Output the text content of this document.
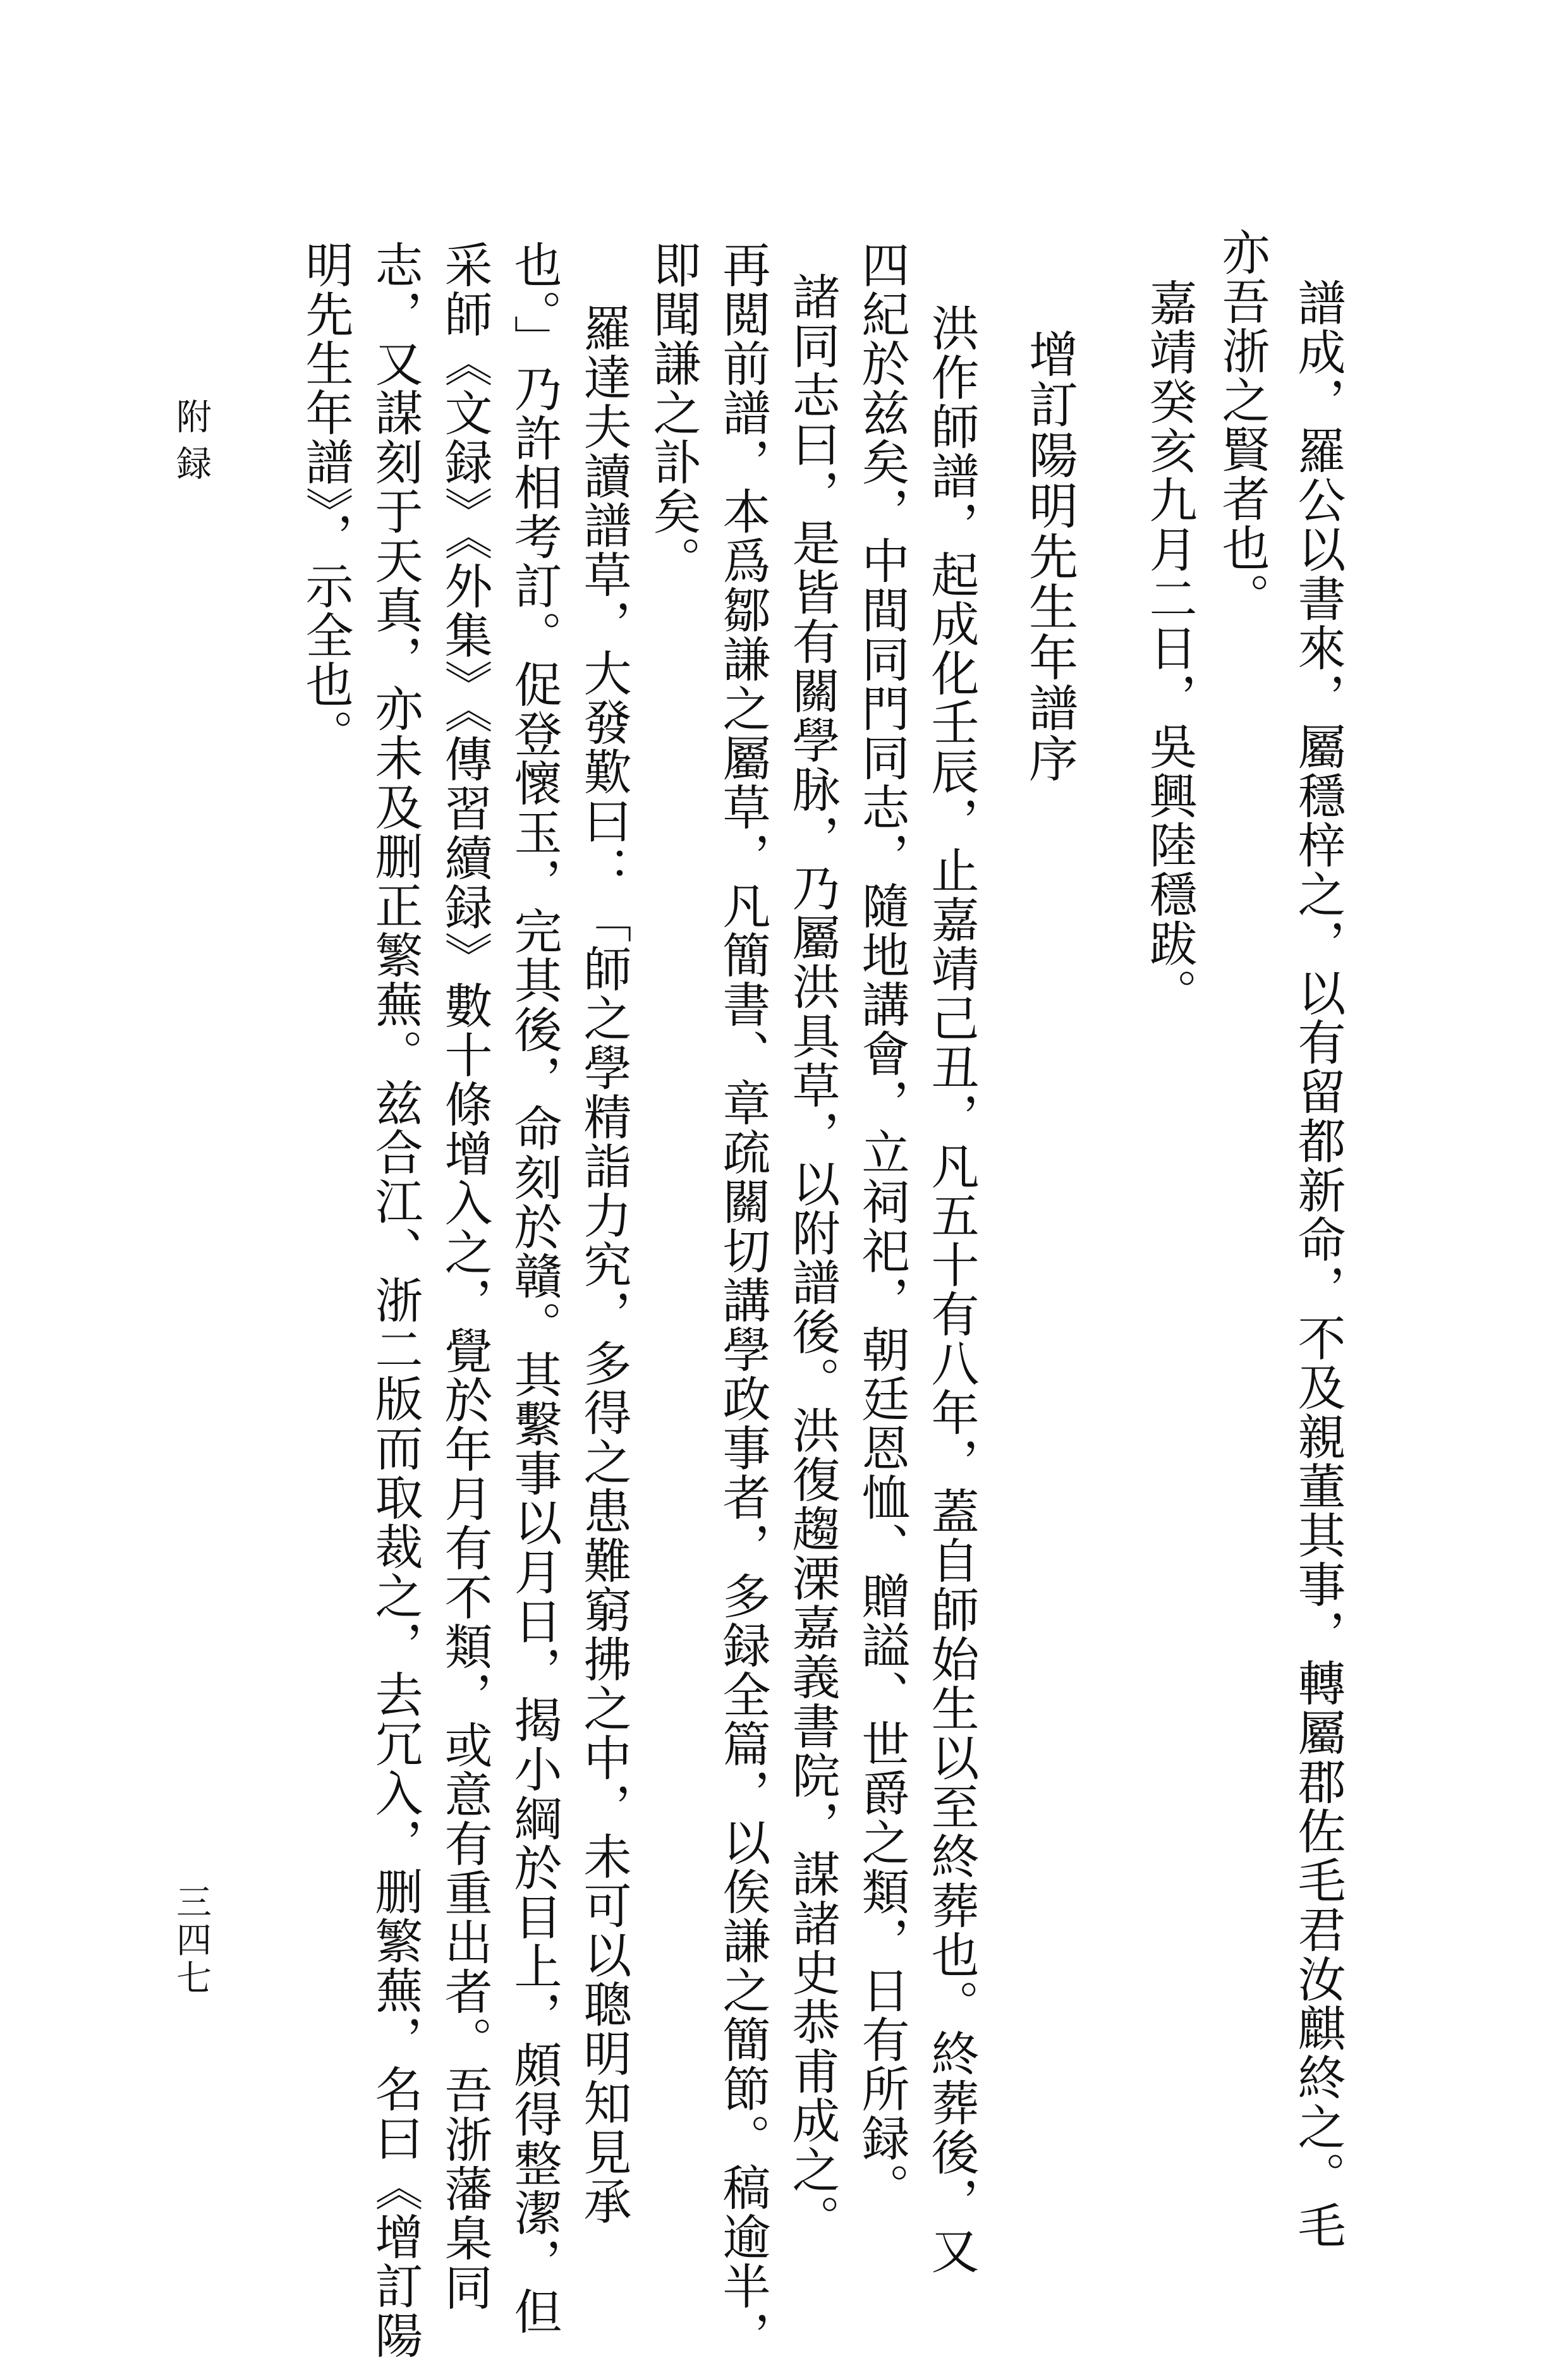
譜成，羅公以書來，屬穩梓之，以有留都新命，不及親董其事，轉屬郡佐毛君汝麒終之。毛
亦吾浙之賢者也。
嘉靖癸亥九月二日，吳興陸穩跋。
增訂陽明先生年譜序
洪作師譜，起成化壬辰，止嘉靖己丑，凡五十有八年，蓋自師始生以至終葬也。終葬後，又
四紀於兹矣，中間同門同志，隨地講會，立祠祀，朝廷恩恤、贈謚、世爵之類，日有所録。
諸同志曰，是皆有關學脉，乃屬洪具草，以附譜後。洪復趨溧嘉義書院，謀諸史恭甫成之。
再閲前譜，本爲鄒謙之屬草，凡簡書、章疏關切講學政事者，多録全篇，以俟謙之簡節。稿逾半，
即聞謙之訃矣。
羅達夫讀譜草，大發歎曰：「師之學精詣力究，多得之患難窮拂之中，未可以聰明知見承
也。」乃許相考訂。促登懷玉，完其後，命刻於贛。其繫事以月日，揭小綱於目上，頗得整潔，但
采師《文録》《外集》《傳習續録》數十條增入之，覺於年月有不類，或意有重出者。吾浙藩臬同
志，又謀刻于天真，亦未及删正繁蕪。兹合江、浙二版而取裁之，去冗入，删繁蕪，名曰《增訂陽
明先生年譜》，示全也。
附録
三四七
